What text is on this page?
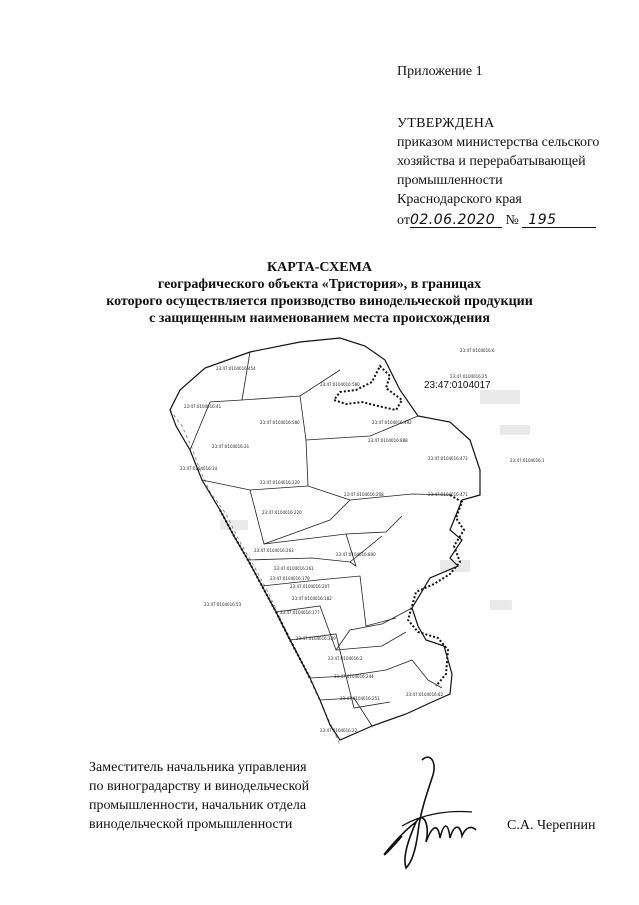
Приложение 1
УТВЕРЖДЕНА
приказом министерства сельского
хозяйства и перерабатывающей
промышленности
Краснодарского края
от02.06.2020 № 195
КАРТА-СХЕМА
географического объекта «Тристория», в границах
которого осуществляется производство винодельческой продукции
с защищенным наименованием места происхождения
23:47:0104016:454
23:47:0104016:41
23:47:0104016:21
23:47:0104016:34
23:47:0104016:580
23:47:0104016:580
23:47:0104016:492
23:47:0104016:888
23:47:0104016:220
23:47:0104016:208
23:47:0104016:220
23:47:0104016:473
23:47:0104016:471
23:47:0104016:263
23:47:0104016:800
23:47:0104016:261
23:47:0104016:179
23:47:0104016:207
23:47:0104016:182
23:47:0104016:177
23:47:0104016:53
23:47:0104016:329
23:47:0104016:2
23:47:0104016:244
23:47:0104016:251
23:47:0104016:82
23:47:0104016:22
23:47:0104016:6
23:47:0104016:1
23:47:0104016:25
23:47:0104017
Заместитель начальника управления
по виноградарству и винодельческой
промышленности, начальник отдела
винодельческой промышленности	С.А. Черепнин
